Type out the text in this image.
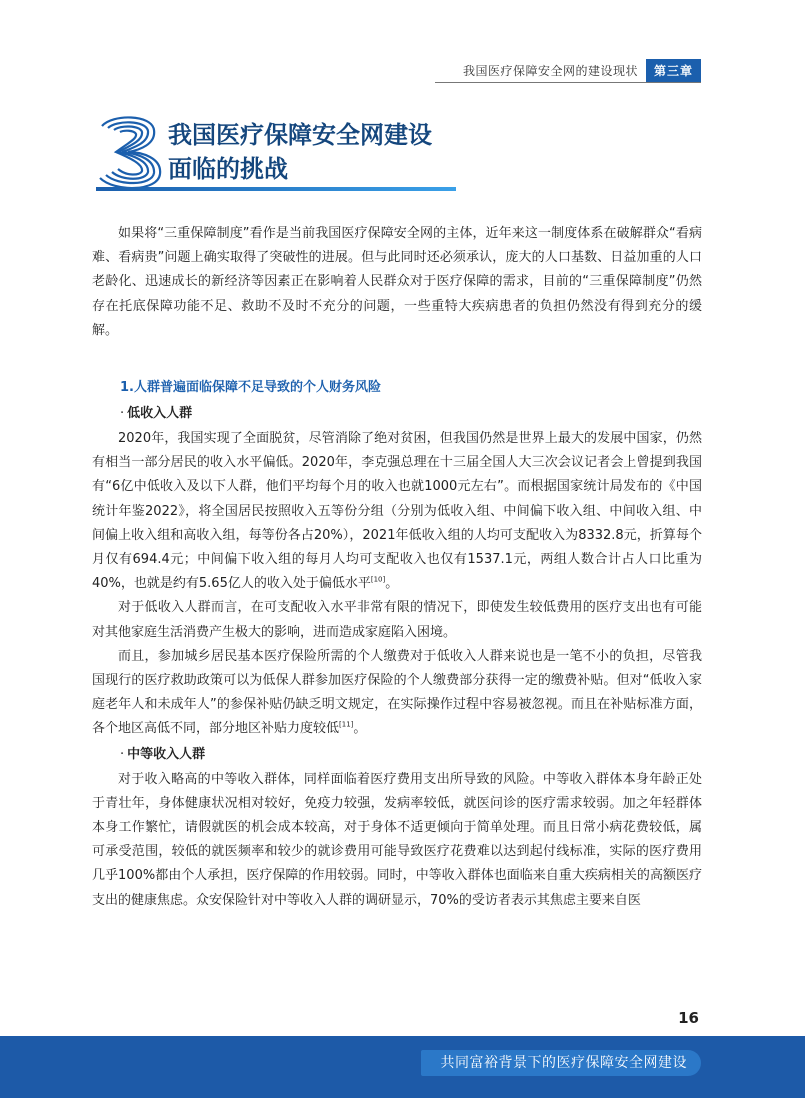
我国医疗保障安全网的建设现状	第三章
3
我国医疗保障安全网建设
面临的挑战

如果将“三重保障制度”看作是当前我国医疗保障安全网的主体，近年来这一制度体系在破解群众“看病难、看病贵”问题上确实取得了突破性的进展。但与此同时还必须承认，庞大的人口基数、日益加重的人口老龄化、迅速成长的新经济等因素正在影响着人民群众对于医疗保障的需求，目前的“三重保障制度”仍然存在托底保障功能不足、救助不及时不充分的问题，一些重特大疾病患者的负担仍然没有得到充分的缓解。

1.人群普遍面临保障不足导致的个人财务风险
· 低收入人群

2020年，我国实现了全面脱贫，尽管消除了绝对贫困，但我国仍然是世界上最大的发展中国家，仍然有相当一部分居民的收入水平偏低。2020年，李克强总理在十三届全国人大三次会议记者会上曾提到我国有“6亿中低收入及以下人群，他们平均每个月的收入也就1000元左右”。而根据国家统计局发布的《中国统计年鉴2022》，将全国居民按照收入五等份分组（分别为低收入组、中间偏下收入组、中间收入组、中间偏上收入组和高收入组，每等份各占20%），2021年低收入组的人均可支配收入为8332.8元，折算每个月仅有694.4元；中间偏下收入组的每月人均可支配收入也仅有1537.1元，两组人数合计占人口比重为40%，也就是约有5.65亿人的收入处于偏低水平[10]。

对于低收入人群而言，在可支配收入水平非常有限的情况下，即使发生较低费用的医疗支出也有可能对其他家庭生活消费产生极大的影响，进而造成家庭陷入困境。

而且，参加城乡居民基本医疗保险所需的个人缴费对于低收入人群来说也是一笔不小的负担，尽管我国现行的医疗救助政策可以为低保人群参加医疗保险的个人缴费部分获得一定的缴费补贴。但对“低收入家庭老年人和未成年人”的参保补贴仍缺乏明文规定，在实际操作过程中容易被忽视。而且在补贴标准方面，各个地区高低不同，部分地区补贴力度较低[11]。

· 中等收入人群

对于收入略高的中等收入群体，同样面临着医疗费用支出所导致的风险。中等收入群体本身年龄正处于青壮年，身体健康状况相对较好，免疫力较强，发病率较低，就医问诊的医疗需求较弱。加之年轻群体本身工作繁忙，请假就医的机会成本较高，对于身体不适更倾向于简单处理。而且日常小病花费较低，属可承受范围，较低的就医频率和较少的就诊费用可能导致医疗花费难以达到起付线标准，实际的医疗费用几乎100%都由个人承担，医疗保障的作用较弱。同时，中等收入群体也面临来自重大疾病相关的高额医疗支出的健康焦虑。众安保险针对中等收入人群的调研显示，70%的受访者表示其焦虑主要来自医

16
共同富裕背景下的医疗保障安全网建设
